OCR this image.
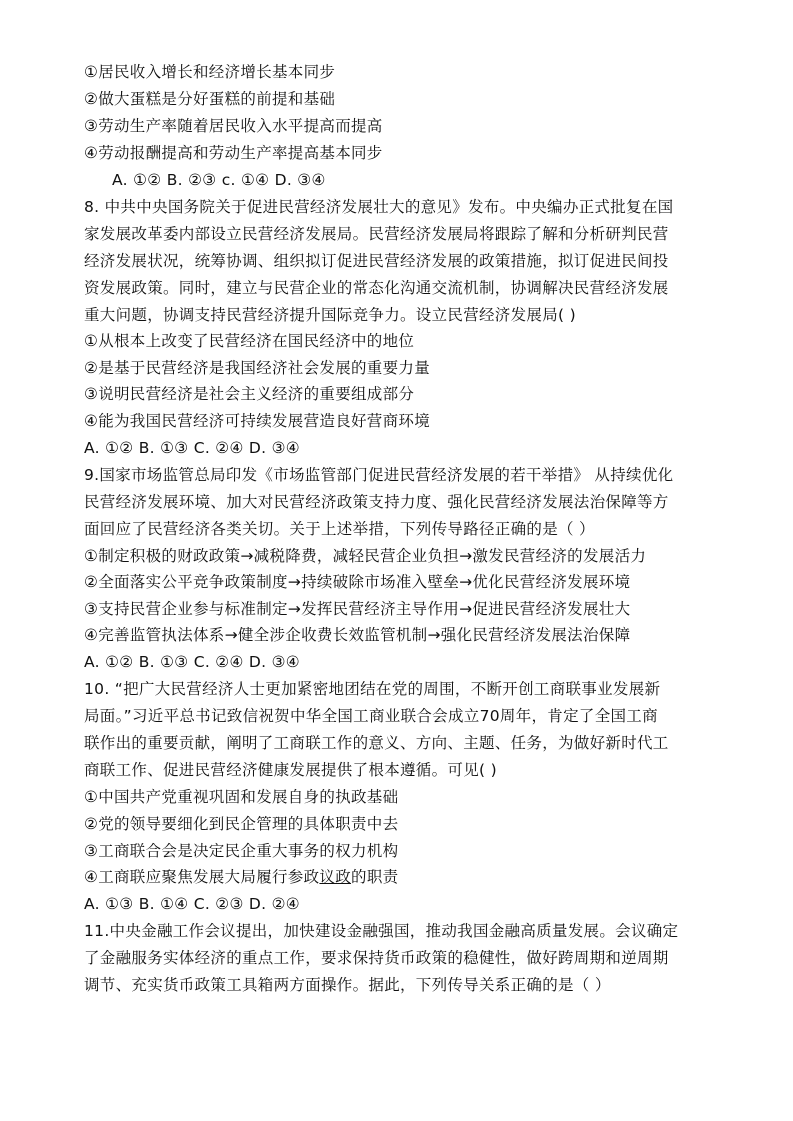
①居民收入增长和经济增长基本同步
②做大蛋糕是分好蛋糕的前提和基础
③劳动生产率随着居民收入水平提高而提高
④劳动报酬提高和劳动生产率提高基本同步
A. ①② B. ②③ c. ①④ D. ③④
8. 中共中央国务院关于促进民营经济发展壮大的意见》发布。中央编办正式批复在国
家发展改革委内部设立民营经济发展局。民营经济发展局将跟踪了解和分析研判民营
经济发展状况，统筹协调、组织拟订促进民营经济发展的政策措施，拟订促进民间投
资发展政策。同时，建立与民营企业的常态化沟通交流机制，协调解决民营经济发展
重大问题，协调支持民营经济提升国际竞争力。设立民营经济发展局( )
①从根本上改变了民营经济在国民经济中的地位
②是基于民营经济是我国经济社会发展的重要力量
③说明民营经济是社会主义经济的重要组成部分
④能为我国民营经济可持续发展营造良好营商环境
A. ①② B. ①③ C. ②④ D. ③④
9.国家市场监管总局印发《市场监管部门促进民营经济发展的若干举措》 从持续优化
民营经济发展环境、加大对民营经济政策支持力度、强化民营经济发展法治保障等方
面回应了民营经济各类关切。关于上述举措，下列传导路径正确的是（ ）
①制定积极的财政政策→减税降费，减轻民营企业负担→激发民营经济的发展活力
②全面落实公平竞争政策制度→持续破除市场准入壁垒→优化民营经济发展环境
③支持民营企业参与标准制定→发挥民营经济主导作用→促进民营经济发展壮大
④完善监管执法体系→健全涉企收费长效监管机制→强化民营经济发展法治保障
A. ①② B. ①③ C. ②④ D. ③④
10. “把广大民营经济人士更加紧密地团结在党的周围，不断开创工商联事业发展新
局面。”习近平总书记致信祝贺中华全国工商业联合会成立70周年，肯定了全国工商
联作出的重要贡献，阐明了工商联工作的意义、方向、主题、任务，为做好新时代工
商联工作、促进民营经济健康发展提供了根本遵循。可见( )
①中国共产党重视巩固和发展自身的执政基础
②党的领导要细化到民企管理的具体职责中去
③工商联合会是决定民企重大事务的权力机构
④工商联应聚焦发展大局履行参政议政的职责
A. ①③ B. ①④ C. ②③ D. ②④
11.中央金融工作会议提出，加快建设金融强国，推动我国金融高质量发展。会议确定
了金融服务实体经济的重点工作，要求保持货币政策的稳健性，做好跨周期和逆周期
调节、充实货币政策工具箱两方面操作。据此，下列传导关系正确的是（ ）
